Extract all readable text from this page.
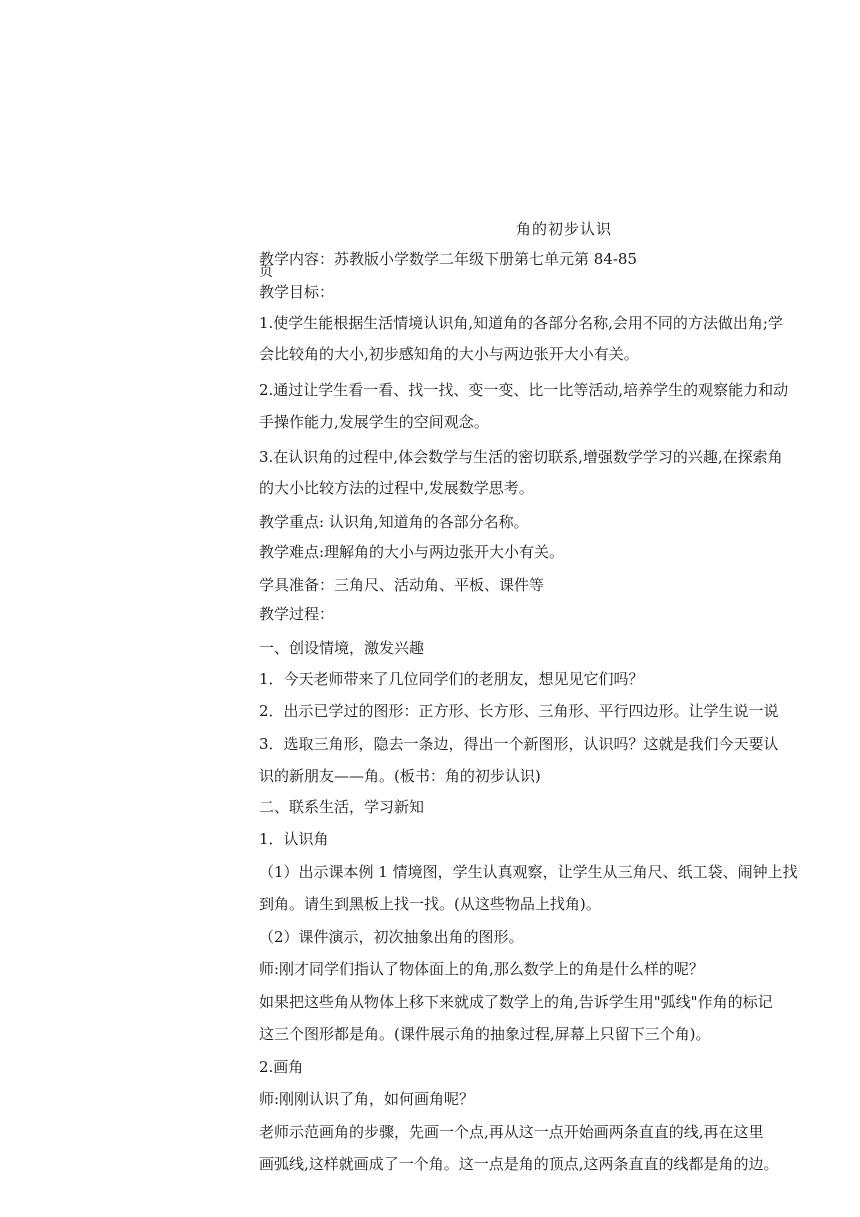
角的初步认识
教学内容：苏教版小学数学二年级下册第七单元第 84-85
页
教学目标：
1.使学生能根据生活情境认识角,知道角的各部分名称,会用不同的方法做出角;学
会比较角的大小,初步感知角的大小与两边张开大小有关。
2.通过让学生看一看、找一找、变一变、比一比等活动,培养学生的观察能力和动
手操作能力,发展学生的空间观念。
3.在认识角的过程中,体会数学与生活的密切联系,增强数学学习的兴趣,在探索角
的大小比较方法的过程中,发展数学思考。
教学重点: 认识角,知道角的各部分名称。
教学难点:理解角的大小与两边张开大小有关。
学具准备：三角尺、活动角、平板、课件等
教学过程：
一、创设情境，激发兴趣
1．今天老师带来了几位同学们的老朋友，想见见它们吗？
2．出示已学过的图形：正方形、长方形、三角形、平行四边形。让学生说一说
3．选取三角形，隐去一条边，得出一个新图形，认识吗？这就是我们今天要认
识的新朋友——角。(板书：角的初步认识)
二、联系生活，学习新知
1．认识角
（1）出示课本例 1 情境图，学生认真观察，让学生从三角尺、纸工袋、闹钟上找
到角。请生到黑板上找一找。(从这些物品上找角)。
（2）课件演示，初次抽象出角的图形。
师:刚才同学们指认了物体面上的角,那么数学上的角是什么样的呢？
如果把这些角从物体上移下来就成了数学上的角,告诉学生用"弧线"作角的标记
这三个图形都是角。(课件展示角的抽象过程,屏幕上只留下三个角)。
2.画角
师:刚刚认识了角，如何画角呢？
老师示范画角的步骤，先画一个点,再从这一点开始画两条直直的线,再在这里
画弧线,这样就画成了一个角。这一点是角的顶点,这两条直直的线都是角的边。
